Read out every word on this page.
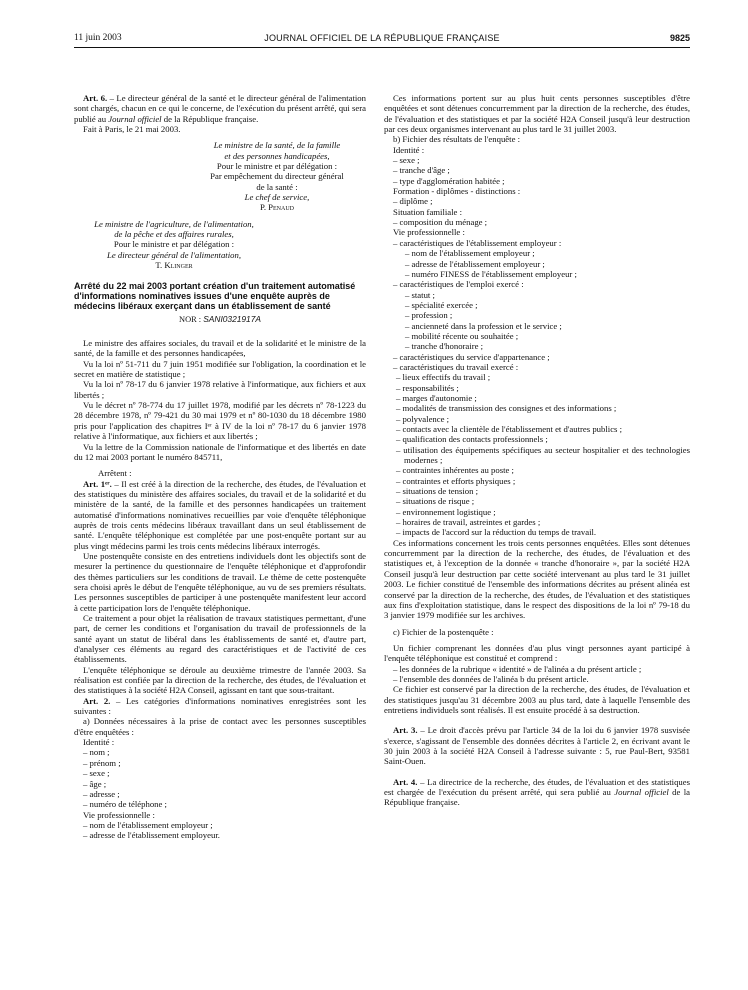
11 juin 2003	JOURNAL OFFICIEL DE LA RÉPUBLIQUE FRANÇAISE	9825

Art. 6. – Le directeur général de la santé et le directeur général de l'alimentation sont chargés, chacun en ce qui le concerne, de l'exécution du présent arrêté, qui sera publié au Journal officiel de la République française.

Fait à Paris, le 21 mai 2003.

Le ministre de la santé, de la famille
et des personnes handicapées,
Pour le ministre et par délégation :
Par empêchement du directeur général
de la santé :
Le chef de service,
P. Penaud
Le ministre de l'agriculture, de l'alimentation,
de la pêche et des affaires rurales,
Pour le ministre et par délégation :
Le directeur général de l'alimentation,
T. Klinger

Arrêté du 22 mai 2003 portant création d'un traitement automatisé d'informations nominatives issues d'une enquête auprès de médecins libéraux exerçant dans un établissement de santé

NOR : SANI0321917A

Le ministre des affaires sociales, du travail et de la solidarité et le ministre de la santé, de la famille et des personnes handicapées,

Vu la loi nº 51-711 du 7 juin 1951 modifiée sur l'obligation, la coordination et le secret en matière de statistique ;

Vu la loi nº 78-17 du 6 janvier 1978 relative à l'informatique, aux fichiers et aux libertés ;

Vu le décret nº 78-774 du 17 juillet 1978, modifié par les décrets nº 78-1223 du 28 décembre 1978, nº 79-421 du 30 mai 1979 et nº 80-1030 du 18 décembre 1980 pris pour l'application des chapitres Iᵉʳ à IV de la loi nº 78-17 du 6 janvier 1978 relative à l'informatique, aux fichiers et aux libertés ;

Vu la lettre de la Commission nationale de l'informatique et des libertés en date du 12 mai 2003 portant le numéro 845711,

Arrêtent :

Art. 1ᵉʳ. – Il est créé à la direction de la recherche, des études, de l'évaluation et des statistiques du ministère des affaires sociales, du travail et de la solidarité et du ministère de la santé, de la famille et des personnes handicapées un traitement automatisé d'informations nominatives recueillies par voie d'enquête téléphonique auprès de trois cents médecins libéraux travaillant dans un seul établissement de santé. L'enquête téléphonique est complétée par une post-enquête portant sur au plus vingt médecins parmi les trois cents médecins libéraux interrogés.

Une postenquête consiste en des entretiens individuels dont les objectifs sont de mesurer la pertinence du questionnaire de l'enquête téléphonique et d'approfondir des thèmes particuliers sur les conditions de travail. Le thème de cette postenquête sera choisi après le début de l'enquête téléphonique, au vu de ses premiers résultats. Les personnes susceptibles de participer à une postenquête manifestent leur accord à cette participation lors de l'enquête téléphonique.

Ce traitement a pour objet la réalisation de travaux statistiques permettant, d'une part, de cerner les conditions et l'organisation du travail de professionnels de la santé ayant un statut de libéral dans les établissements de santé et, d'autre part, d'analyser ces éléments au regard des caractéristiques et de l'activité de ces établissements.

L'enquête téléphonique se déroule au deuxième trimestre de l'année 2003. Sa réalisation est confiée par la direction de la recherche, des études, de l'évaluation et des statistiques à la société H2A Conseil, agissant en tant que sous-traitant.

Art. 2. – Les catégories d'informations nominatives enregistrées sont les suivantes :

a) Données nécessaires à la prise de contact avec les personnes susceptibles d'être enquêtées :

Identité :

– nom ;

– prénom ;

– sexe ;

– âge ;

– adresse ;

– numéro de téléphone ;

Vie professionnelle :

– nom de l'établissement employeur ;

– adresse de l'établissement employeur.

Ces informations portent sur au plus huit cents personnes susceptibles d'être enquêtées et sont détenues concurremment par la direction de la recherche, des études, de l'évaluation et des statistiques et par la société H2A Conseil jusqu'à leur destruction par ces deux organismes intervenant au plus tard le 31 juillet 2003.

b) Fichier des résultats de l'enquête :

Identité :

– sexe ;

– tranche d'âge ;

– type d'agglomération habitée ;

Formation - diplômes - distinctions :

– diplôme ;

Situation familiale :

– composition du ménage ;

Vie professionnelle :

– caractéristiques de l'établissement employeur :

– nom de l'établissement employeur ;

– adresse de l'établissement employeur ;

– numéro FINESS de l'établissement employeur ;

– caractéristiques de l'emploi exercé :

– statut ;

– spécialité exercée ;

– profession ;

– ancienneté dans la profession et le service ;

– mobilité récente ou souhaitée ;

– tranche d'honoraire ;

– caractéristiques du service d'appartenance ;

– caractéristiques du travail exercé :

– lieux effectifs du travail ;

– responsabilités ;

– marges d'autonomie ;

– modalités de transmission des consignes et des informations ;

– polyvalence ;

– contacts avec la clientèle de l'établissement et d'autres publics ;

– qualification des contacts professionnels ;

– utilisation des équipements spécifiques au secteur hospitalier et des technologies modernes ;

– contraintes inhérentes au poste ;

– contraintes et efforts physiques ;

– situations de tension ;

– situations de risque ;

– environnement logistique ;

– horaires de travail, astreintes et gardes ;

– impacts de l'accord sur la réduction du temps de travail.

Ces informations concernent les trois cents personnes enquêtées. Elles sont détenues concurremment par la direction de la recherche, des études, de l'évaluation et des statistiques et, à l'exception de la donnée « tranche d'honoraire », par la société H2A Conseil jusqu'à leur destruction par cette société intervenant au plus tard le 31 juillet 2003. Le fichier constitué de l'ensemble des informations décrites au présent alinéa est conservé par la direction de la recherche, des études, de l'évaluation et des statistiques aux fins d'exploitation statistique, dans le respect des dispositions de la loi nº 79-18 du 3 janvier 1979 modifiée sur les archives.

c) Fichier de la postenquête :

Un fichier comprenant les données d'au plus vingt personnes ayant participé à l'enquête téléphonique est constitué et comprend :

– les données de la rubrique « identité » de l'alinéa a du présent article ;

– l'ensemble des données de l'alinéa b du présent article.

Ce fichier est conservé par la direction de la recherche, des études, de l'évaluation et des statistiques jusqu'au 31 décembre 2003 au plus tard, date à laquelle l'ensemble des entretiens individuels sont réalisés. Il est ensuite procédé à sa destruction.

Art. 3. – Le droit d'accès prévu par l'article 34 de la loi du 6 janvier 1978 susvisée s'exerce, s'agissant de l'ensemble des données décrites à l'article 2, en écrivant avant le 30 juin 2003 à la société H2A Conseil à l'adresse suivante : 5, rue Paul-Bert, 93581 Saint-Ouen.

Art. 4. – La directrice de la recherche, des études, de l'évaluation et des statistiques est chargée de l'exécution du présent arrêté, qui sera publié au Journal officiel de la République française.
